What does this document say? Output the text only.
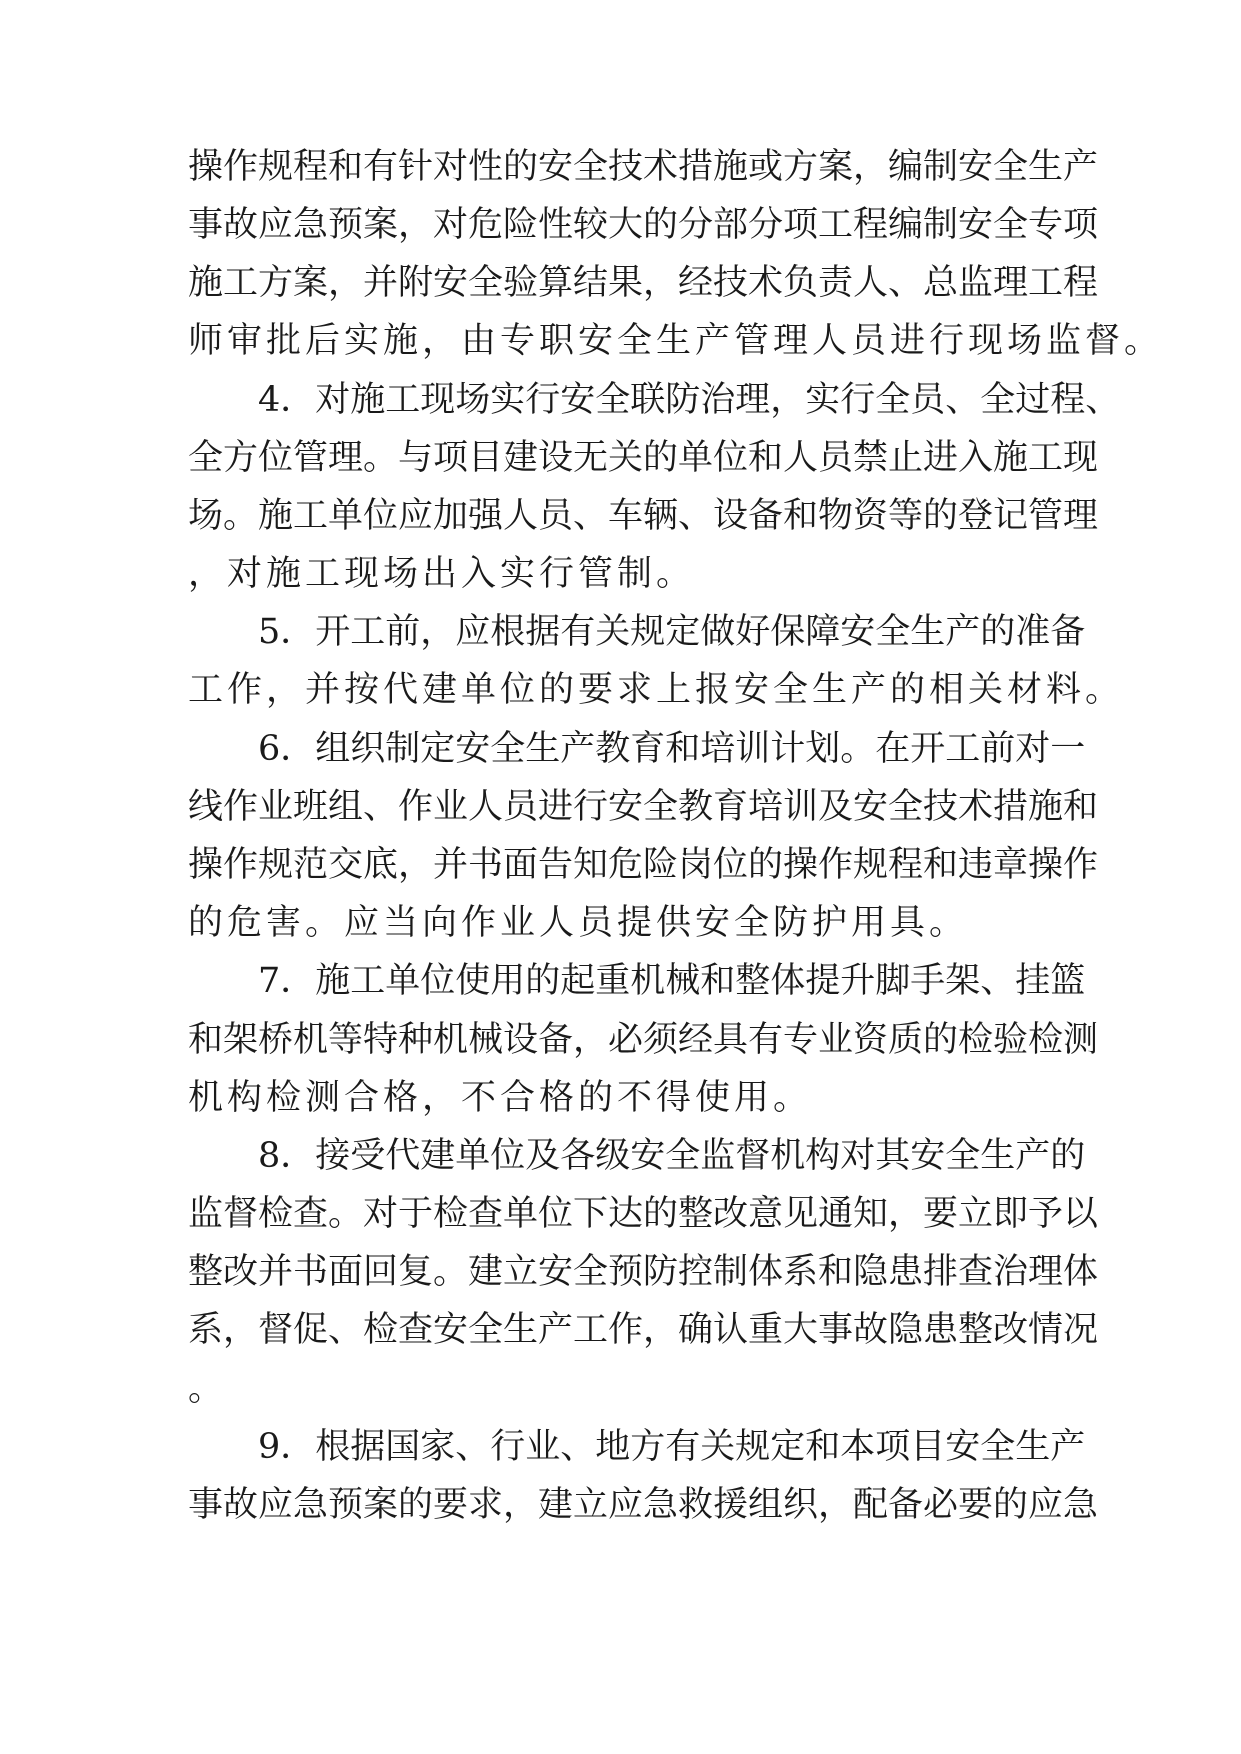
操作规程和有针对性的安全技术措施或方案，编制安全生产
事故应急预案，对危险性较大的分部分项工程编制安全专项
施工方案，并附安全验算结果，经技术负责人、总监理工程
师审批后实施，由专职安全生产管理人员进行现场监督。
4．对施工现场实行安全联防治理，实行全员、全过程、
全方位管理。与项目建设无关的单位和人员禁止进入施工现
场。施工单位应加强人员、车辆、设备和物资等的登记管理
，对施工现场出入实行管制。
5．开工前，应根据有关规定做好保障安全生产的准备
工作，并按代建单位的要求上报安全生产的相关材料。
6．组织制定安全生产教育和培训计划。在开工前对一
线作业班组、作业人员进行安全教育培训及安全技术措施和
操作规范交底，并书面告知危险岗位的操作规程和违章操作
的危害。应当向作业人员提供安全防护用具。
7．施工单位使用的起重机械和整体提升脚手架、挂篮
和架桥机等特种机械设备，必须经具有专业资质的检验检测
机构检测合格，不合格的不得使用。
8．接受代建单位及各级安全监督机构对其安全生产的
监督检查。对于检查单位下达的整改意见通知，要立即予以
整改并书面回复。建立安全预防控制体系和隐患排查治理体
系，督促、检查安全生产工作，确认重大事故隐患整改情况
。
9．根据国家、行业、地方有关规定和本项目安全生产
事故应急预案的要求，建立应急救援组织，配备必要的应急
